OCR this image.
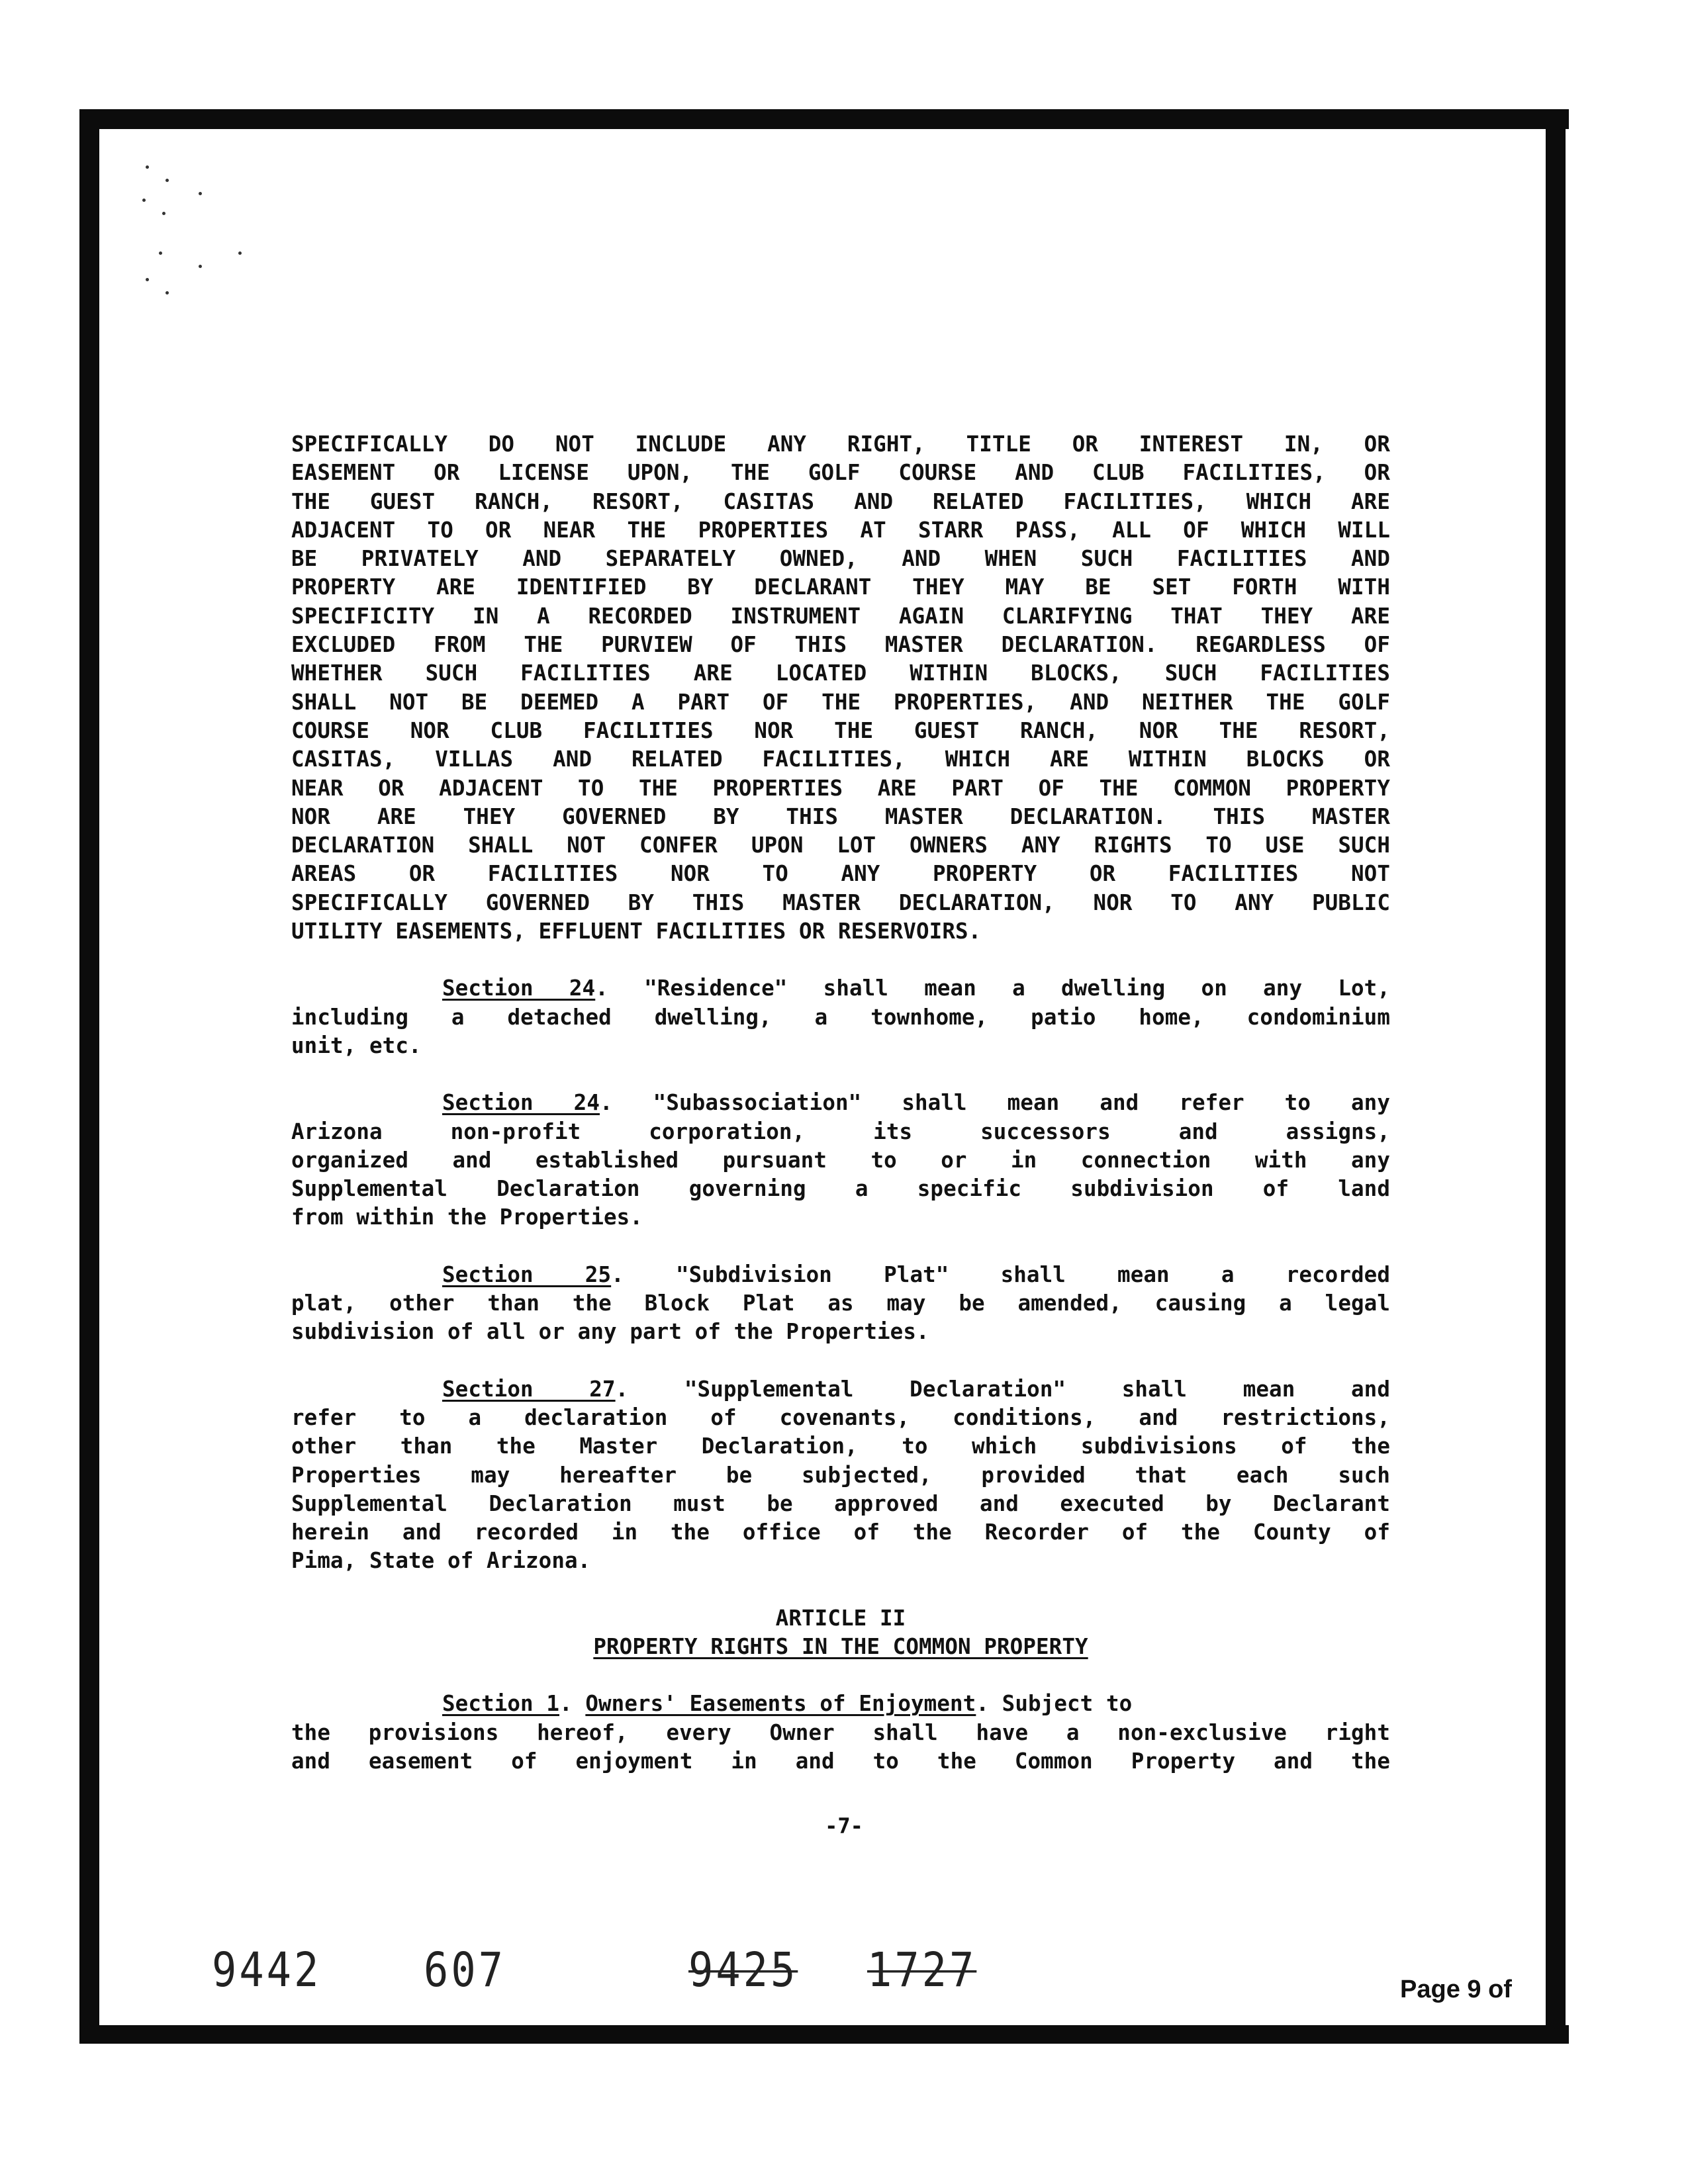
SPECIFICALLY DO NOT INCLUDE ANY RIGHT, TITLE OR INTEREST IN, OR
EASEMENT OR LICENSE UPON, THE GOLF COURSE AND CLUB FACILITIES, OR
THE GUEST RANCH, RESORT, CASITAS AND RELATED FACILITIES, WHICH ARE
ADJACENT TO OR NEAR THE PROPERTIES AT STARR PASS, ALL OF WHICH WILL
BE PRIVATELY AND SEPARATELY OWNED, AND WHEN SUCH FACILITIES AND
PROPERTY ARE IDENTIFIED BY DECLARANT THEY MAY BE SET FORTH WITH
SPECIFICITY IN A RECORDED INSTRUMENT AGAIN CLARIFYING THAT THEY ARE
EXCLUDED FROM THE PURVIEW OF THIS MASTER DECLARATION. REGARDLESS OF
WHETHER SUCH FACILITIES ARE LOCATED WITHIN BLOCKS, SUCH FACILITIES
SHALL NOT BE DEEMED A PART OF THE PROPERTIES, AND NEITHER THE GOLF
COURSE NOR CLUB FACILITIES NOR THE GUEST RANCH, NOR THE RESORT,
CASITAS, VILLAS AND RELATED FACILITIES, WHICH ARE WITHIN BLOCKS OR
NEAR OR ADJACENT TO THE PROPERTIES ARE PART OF THE COMMON PROPERTY
NOR ARE THEY GOVERNED BY THIS MASTER DECLARATION. THIS MASTER
DECLARATION SHALL NOT CONFER UPON LOT OWNERS ANY RIGHTS TO USE SUCH
AREAS OR FACILITIES NOR TO ANY PROPERTY OR FACILITIES NOT
SPECIFICALLY GOVERNED BY THIS MASTER DECLARATION, NOR TO ANY PUBLIC
UTILITY EASEMENTS, EFFLUENT FACILITIES OR RESERVOIRS.
Section 24. "Residence" shall mean a dwelling on any Lot,
including a detached dwelling, a townhome, patio home, condominium
unit, etc.
Section 24. "Subassociation" shall mean and refer to any
Arizona non-profit corporation, its successors and assigns,
organized and established pursuant to or in connection with any
Supplemental Declaration governing a specific subdivision of land
from within the Properties.
Section 25. "Subdivision Plat" shall mean a recorded
plat, other than the Block Plat as may be amended, causing a legal
subdivision of all or any part of the Properties.
Section 27. "Supplemental Declaration" shall mean and
refer to a declaration of covenants, conditions, and restrictions,
other than the Master Declaration, to which subdivisions of the
Properties may hereafter be subjected, provided that each such
Supplemental Declaration must be approved and executed by Declarant
herein and recorded in the office of the Recorder of the County of
Pima, State of Arizona.
ARTICLE II
PROPERTY RIGHTS IN THE COMMON PROPERTY
Section 1. Owners' Easements of Enjoyment. Subject to
the provisions hereof, every Owner shall have a non-exclusive right
and easement of enjoyment in and to the Common Property and the
-7-
9442 607	9425 1727	Page 9 of
